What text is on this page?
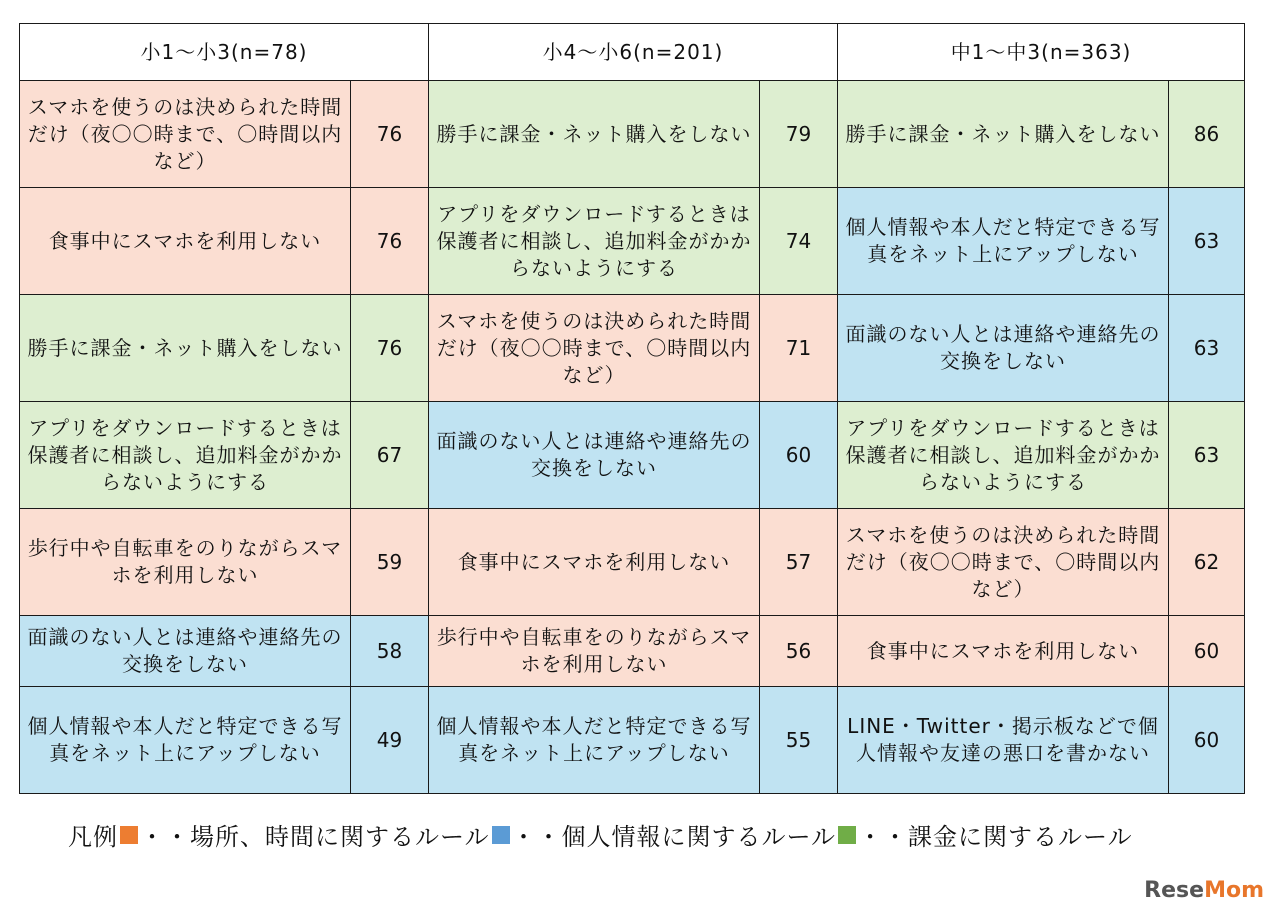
小1〜小3(n=78)		小4〜小6(n=201)		中1〜中3(n=363)	
スマホを使うのは決められた時間だけ（夜〇〇時まで、〇時間以内など）	76	勝手に課金・ネット購入をしない	79	勝手に課金・ネット購入をしない	86
食事中にスマホを利用しない	76	アプリをダウンロードするときは保護者に相談し、追加料金がかからないようにする	74	個人情報や本人だと特定できる写真をネット上にアップしない	63
勝手に課金・ネット購入をしない	76	スマホを使うのは決められた時間だけ（夜〇〇時まで、〇時間以内など）	71	面識のない人とは連絡や連絡先の交換をしない	63
アプリをダウンロードするときは保護者に相談し、追加料金がかからないようにする	67	面識のない人とは連絡や連絡先の交換をしない	60	アプリをダウンロードするときは保護者に相談し、追加料金がかからないようにする	63
歩行中や自転車をのりながらスマホを利用しない	59	食事中にスマホを利用しない	57	スマホを使うのは決められた時間だけ（夜〇〇時まで、〇時間以内など）	62
面識のない人とは連絡や連絡先の交換をしない	58	歩行中や自転車をのりながらスマホを利用しない	56	食事中にスマホを利用しない	60
個人情報や本人だと特定できる写真をネット上にアップしない	49	個人情報や本人だと特定できる写真をネット上にアップしない	55	LINE・Twitter・掲示板などで個人情報や友達の悪口を書かない	60
凡例 ・・場所、時間に関するルール ・・個人情報に関するルール ・・課金に関するルール
ReseMom
